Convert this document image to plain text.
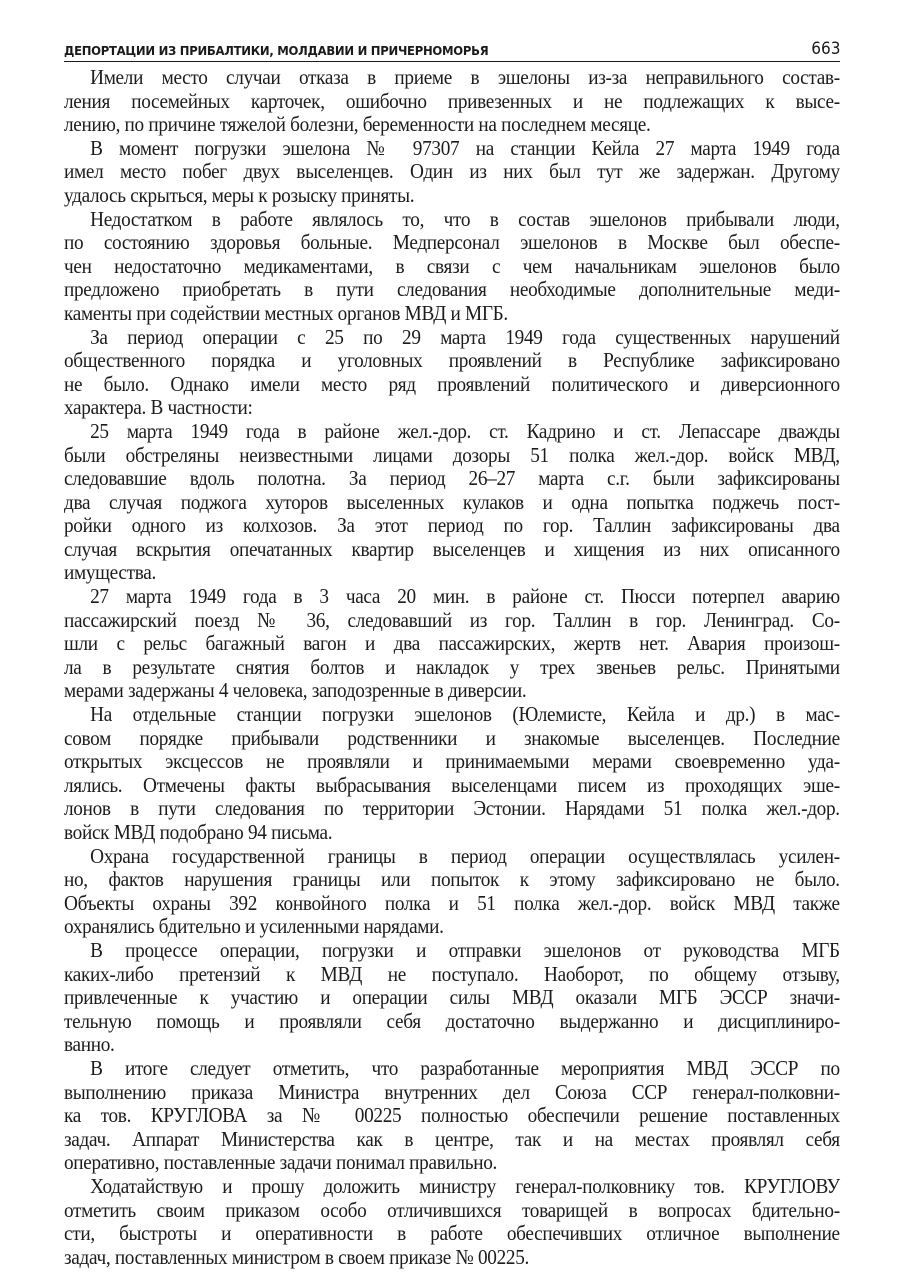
ДЕПОРТАЦИИ ИЗ ПРИБАЛТИКИ, МОЛДАВИИ И ПРИЧЕРНОМОРЬЯ	663
Имели место случаи отказа в приеме в эшелоны из-за неправильного состав-
ления посемейных карточек, ошибочно привезенных и не подлежащих к высе-
лению, по причине тяжелой болезни, беременности на последнем месяце.
В момент погрузки эшелона № 97307 на станции Кейла 27 марта 1949 года
имел место побег двух выселенцев. Один из них был тут же задержан. Другому
удалось скрыться, меры к розыску приняты.
Недостатком в работе являлось то, что в состав эшелонов прибывали люди,
по состоянию здоровья больные. Медперсонал эшелонов в Москве был обеспе-
чен недостаточно медикаментами, в связи с чем начальникам эшелонов было
предложено приобретать в пути следования необходимые дополнительные меди-
каменты при содействии местных органов МВД и МГБ.
За период операции с 25 по 29 марта 1949 года существенных нарушений
общественного порядка и уголовных проявлений в Республике зафиксировано
не было. Однако имели место ряд проявлений политического и диверсионного
характера. В частности:
25 марта 1949 года в районе жел.-дор. ст. Кадрино и ст. Лепассаре дважды
были обстреляны неизвестными лицами дозоры 51 полка жел.-дор. войск МВД,
следовавшие вдоль полотна. За период 26–27 марта с.г. были зафиксированы
два случая поджога хуторов выселенных кулаков и одна попытка поджечь пост-
ройки одного из колхозов. За этот период по гор. Таллин зафиксированы два
случая вскрытия опечатанных квартир выселенцев и хищения из них описанного
имущества.
27 марта 1949 года в 3 часа 20 мин. в районе ст. Пюсси потерпел аварию
пассажирский поезд № 36, следовавший из гор. Таллин в гор. Ленинград. Со-
шли с рельс багажный вагон и два пассажирских, жертв нет. Авария произош-
ла в результате снятия болтов и накладок у трех звеньев рельс. Принятыми
мерами задержаны 4 человека, заподозренные в диверсии.
На отдельные станции погрузки эшелонов (Юлемисте, Кейла и др.) в мас-
совом порядке прибывали родственники и знакомые выселенцев. Последние
открытых эксцессов не проявляли и принимаемыми мерами своевременно уда-
лялись. Отмечены факты выбрасывания выселенцами писем из проходящих эше-
лонов в пути следования по территории Эстонии. Нарядами 51 полка жел.-дор.
войск МВД подобрано 94 письма.
Охрана государственной границы в период операции осуществлялась усилен-
но, фактов нарушения границы или попыток к этому зафиксировано не было.
Объекты охраны 392 конвойного полка и 51 полка жел.-дор. войск МВД также
охранялись бдительно и усиленными нарядами.
В процессе операции, погрузки и отправки эшелонов от руководства МГБ
каких-либо претензий к МВД не поступало. Наоборот, по общему отзыву,
привлеченные к участию и операции силы МВД оказали МГБ ЭССР значи-
тельную помощь и проявляли себя достаточно выдержанно и дисциплиниро-
ванно.
В итоге следует отметить, что разработанные мероприятия МВД ЭССР по
выполнению приказа Министра внутренних дел Союза ССР генерал-полковни-
ка тов. КРУГЛОВА за № 00225 полностью обеспечили решение поставленных
задач. Аппарат Министерства как в центре, так и на местах проявлял себя
оперативно, поставленные задачи понимал правильно.
Ходатайствую и прошу доложить министру генерал-полковнику тов. КРУГЛОВУ
отметить своим приказом особо отличившихся товарищей в вопросах бдительно-
сти, быстроты и оперативности в работе обеспечивших отличное выполнение
задач, поставленных министром в своем приказе № 00225.
